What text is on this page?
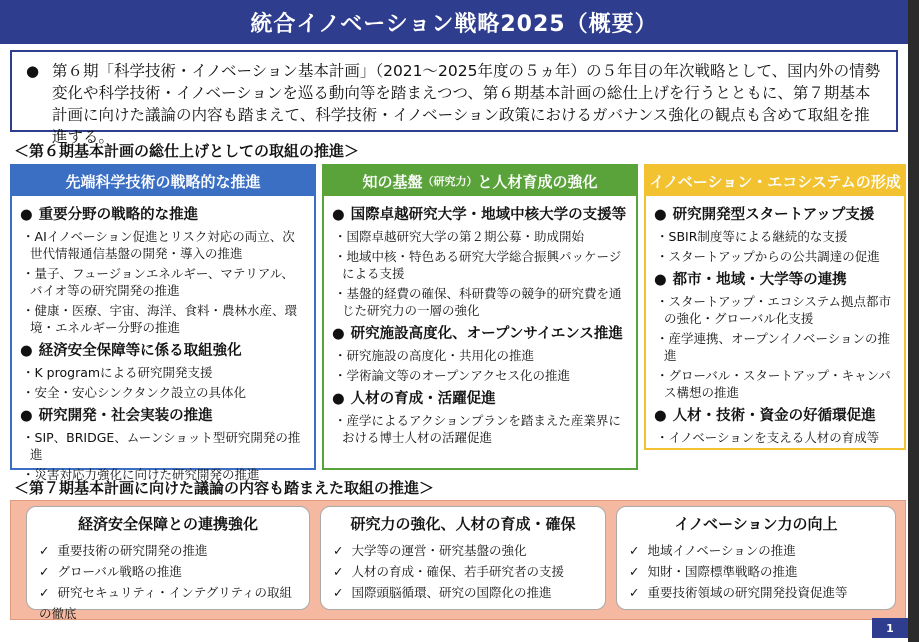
統合イノベーション戦略2025（概要）
● 第６期「科学技術・イノベーション基本計画」（2021～2025年度の５ヵ年）の５年目の年次戦略として、国内外の情勢変化や科学技術・イノベーションを巡る動向等を踏まえつつ、第６期基本計画の総仕上げを行うとともに、第７期基本計画に向けた議論の内容も踏まえて、科学技術・イノベーション政策におけるガバナンス強化の観点も含めて取組を推進する。
＜第６期基本計画の総仕上げとしての取組の推進＞
先端科学技術の戦略的な推進
● 重要分野の戦略的な推進
・AIイノベーション促進とリスク対応の両立、次世代情報通信基盤の開発・導入の推進
・量子、フュージョンエネルギー、マテリアル、バイオ等の研究開発の推進
・健康・医療、宇宙、海洋、食料・農林水産、環境・エネルギー分野の推進
● 経済安全保障等に係る取組強化
・K programによる研究開発支援
・安全・安心シンクタンク設立の具体化
● 研究開発・社会実装の推進
・SIP、BRIDGE、ムーンショット型研究開発の推進
・災害対応力強化に向けた研究開発の推進
知の基盤 （研究力） と人材育成の強化
● 国際卓越研究大学・地域中核大学の支援等
・国際卓越研究大学の第２期公募・助成開始
・地域中核・特色ある研究大学総合振興パッケージによる支援
・基盤的経費の確保、科研費等の競争的研究費を通じた研究力の一層の強化
● 研究施設高度化、オープンサイエンス推進
・研究施設の高度化・共用化の推進
・学術論文等のオープンアクセス化の推進
● 人材の育成・活躍促進
・産学によるアクションプランを踏まえた産業界における博士人材の活躍促進
イノベーション・エコシステムの形成
● 研究開発型スタートアップ支援
・SBIR制度等による継続的な支援
・スタートアップからの公共調達の促進
● 都市・地域・大学等の連携
・スタートアップ・エコシステム拠点都市の強化・グローバル化支援
・産学連携、オープンイノベーションの推進
・グローバル・スタートアップ・キャンパス構想の推進
● 人材・技術・資金の好循環促進
・イノベーションを支える人材の育成等
＜第７期基本計画に向けた議論の内容も踏まえた取組の推進＞
経済安全保障との連携強化
✓ 重要技術の研究開発の推進
✓ グローバル戦略の推進
✓ 研究セキュリティ・インテグリティの取組の徹底
研究力の強化、人材の育成・確保
✓ 大学等の運営・研究基盤の強化
✓ 人材の育成・確保、若手研究者の支援
✓ 国際頭脳循環、研究の国際化の推進
イノベーション力の向上
✓ 地域イノベーションの推進
✓ 知財・国際標準戦略の推進
✓ 重要技術領域の研究開発投資促進等
1
